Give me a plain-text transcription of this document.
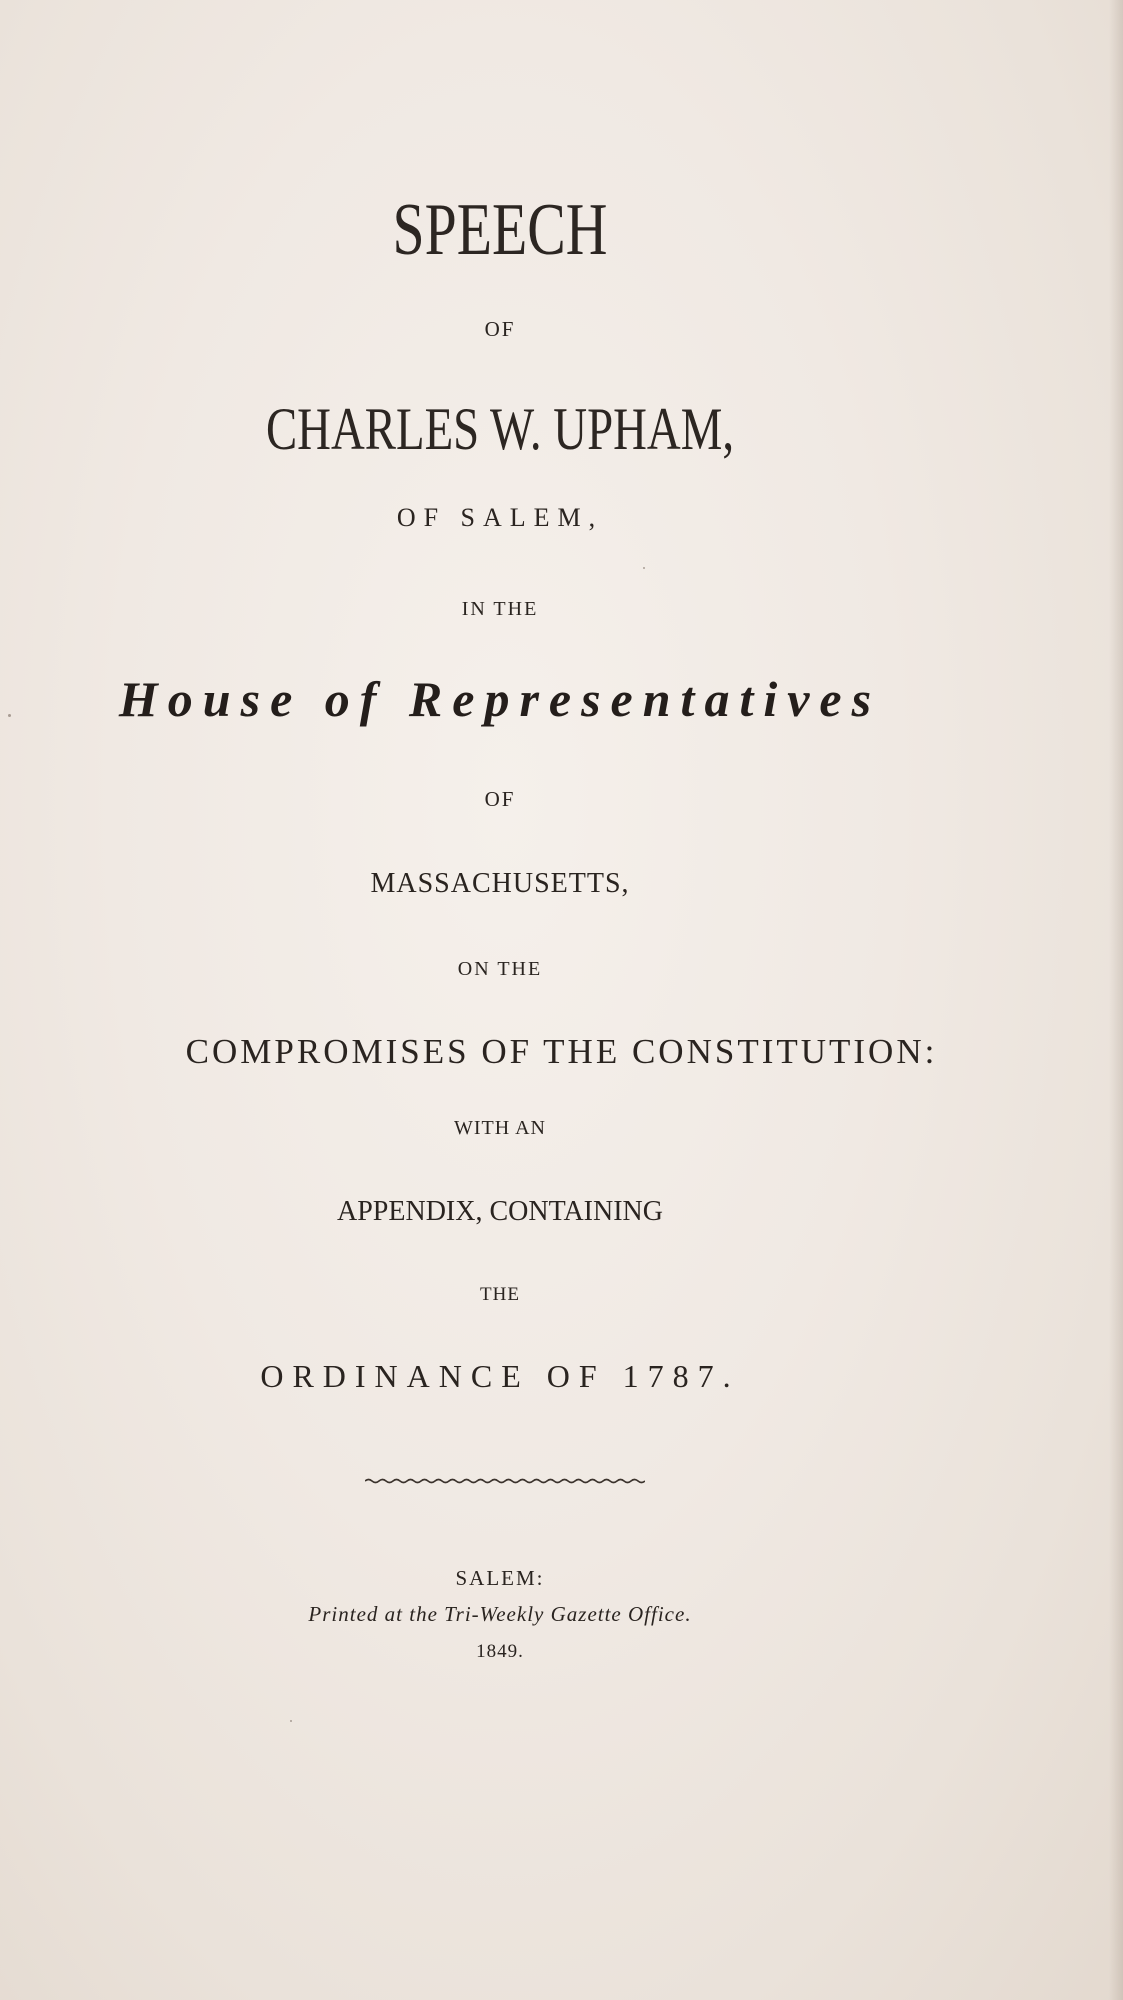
SPEECH
OF
CHARLES W. UPHAM,
OF SALEM,
IN THE
House of Representatives
OF
MASSACHUSETTS,
ON THE
COMPROMISES OF THE CONSTITUTION:
WITH AN
APPENDIX, CONTAINING
THE
ORDINANCE OF 1787.
SALEM:
Printed at the Tri-Weekly Gazette Office.
1849.
